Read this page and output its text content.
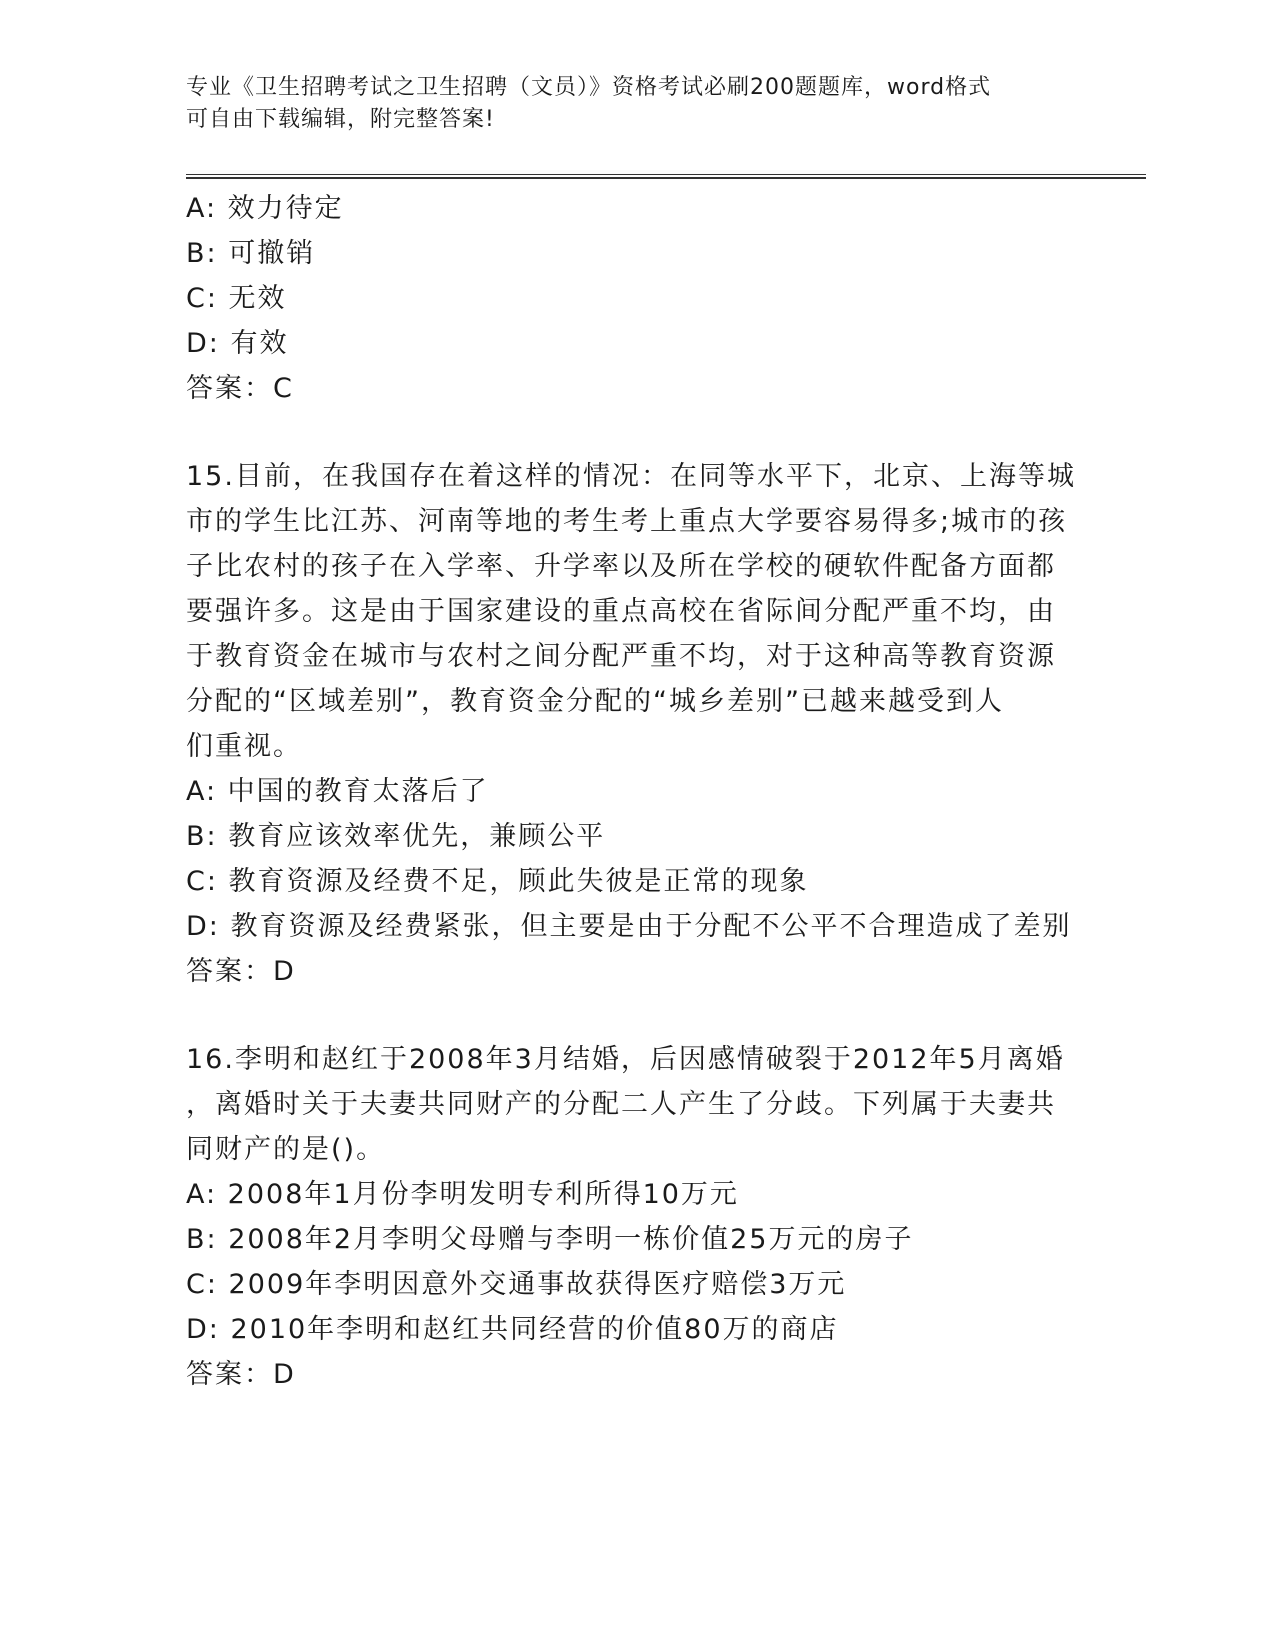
专业《卫生招聘考试之卫生招聘（文员）》资格考试必刷200题题库，word格式
可自由下载编辑，附完整答案!
A: 效力待定
B: 可撤销
C: 无效
D: 有效
答案：C
15.目前，在我国存在着这样的情况：在同等水平下，北京、上海等城
市的学生比江苏、河南等地的考生考上重点大学要容易得多;城市的孩
子比农村的孩子在入学率、升学率以及所在学校的硬软件配备方面都
要强许多。这是由于国家建设的重点高校在省际间分配严重不均，由
于教育资金在城市与农村之间分配严重不均，对于这种高等教育资源
分配的“区域差别”，教育资金分配的“城乡差别”已越来越受到人
们重视。
A: 中国的教育太落后了
B: 教育应该效率优先，兼顾公平
C: 教育资源及经费不足，顾此失彼是正常的现象
D: 教育资源及经费紧张，但主要是由于分配不公平不合理造成了差别
答案：D
16.李明和赵红于2008年3月结婚，后因感情破裂于2012年5月离婚
，离婚时关于夫妻共同财产的分配二人产生了分歧。下列属于夫妻共
同财产的是()。
A: 2008年1月份李明发明专利所得10万元
B: 2008年2月李明父母赠与李明一栋价值25万元的房子
C: 2009年李明因意外交通事故获得医疗赔偿3万元
D: 2010年李明和赵红共同经营的价值80万的商店
答案：D
